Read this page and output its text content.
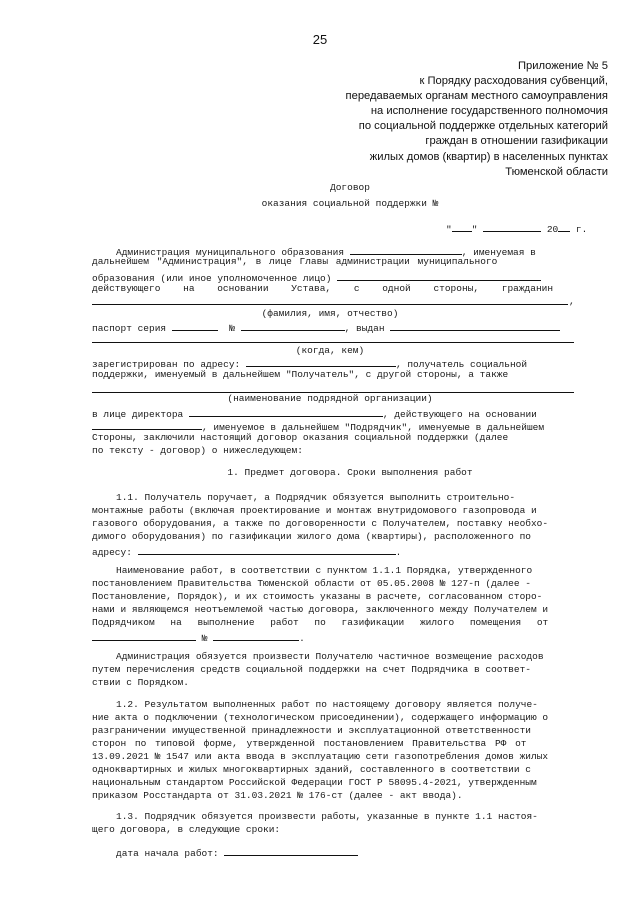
25
Приложение № 5
к Порядку расходования субвенций,
передаваемых органам местного самоуправления
на исполнение государственного полномочия
по социальной поддержке отдельных категорий
граждан в отношении газификации
жилых домов (квартир) в населенных пунктах
Тюменской области
Договор
оказания социальной поддержки №
" "	20 г.
Администрация муниципального образования	, именуемая в
дальнейшем "Администрация", в лице Главы администрации муниципального
образования (или иное уполномоченное лицо)
действующего на основании Устава, с одной стороны, гражданин
,
(фамилия, имя, отчество)
паспорт серия	№	, выдан
(когда, кем)
зарегистрирован по адресу:	, получатель социальной
поддержки, именуемый в дальнейшем "Получатель", с другой стороны, а также
(наименование подрядной организации)
в лице директора	, действующего на основании
, именуемое в дальнейшем "Подрядчик", именуемые в дальнейшем
Стороны, заключили настоящий договор оказания социальной поддержки (далее
по тексту - договор) о нижеследующем:
1. Предмет договора. Сроки выполнения работ
1.1. Получатель поручает, а Подрядчик обязуется выполнить строительно-
монтажные работы (включая проектирование и монтаж внутридомового газопровода и
газового оборудования, а также по договоренности с Получателем, поставку необхо-
димого оборудования) по газификации жилого дома (квартиры), расположенного по
адресу:	.
Наименование работ, в соответствии с пунктом 1.1.1 Порядка, утвержденного
постановлением Правительства Тюменской области от 05.05.2008 № 127-п (далее -
Постановление, Порядок), и их стоимость указаны в расчете, согласованном сторо-
нами и являющемся неотъемлемой частью договора, заключенного между Получателем и
Подрядчиком на выполнение работ по газификации жилого помещения от
№	.
Администрация обязуется произвести Получателю частичное возмещение расходов
путем перечисления средств социальной поддержки на счет Подрядчика в соответ-
ствии с Порядком.
1.2. Результатом выполненных работ по настоящему договору является получе-
ние акта о подключении (технологическом присоединении), содержащего информацию о
разграничении имущественной принадлежности и эксплуатационной ответственности
сторон по типовой форме, утвержденной постановлением Правительства РФ от
13.09.2021 № 1547 или акта ввода в эксплуатацию сети газопотребления домов жилых
одноквартирных и жилых многоквартирных зданий, составленного в соответствии с
национальным стандартом Российской Федерации ГОСТ Р 58095.4-2021, утвержденным
приказом Росстандарта от 31.03.2021 № 176-ст (далее - акт ввода).
1.3. Подрядчик обязуется произвести работы, указанные в пункте 1.1 настоя-
щего договора, в следующие сроки:
дата начала работ:
